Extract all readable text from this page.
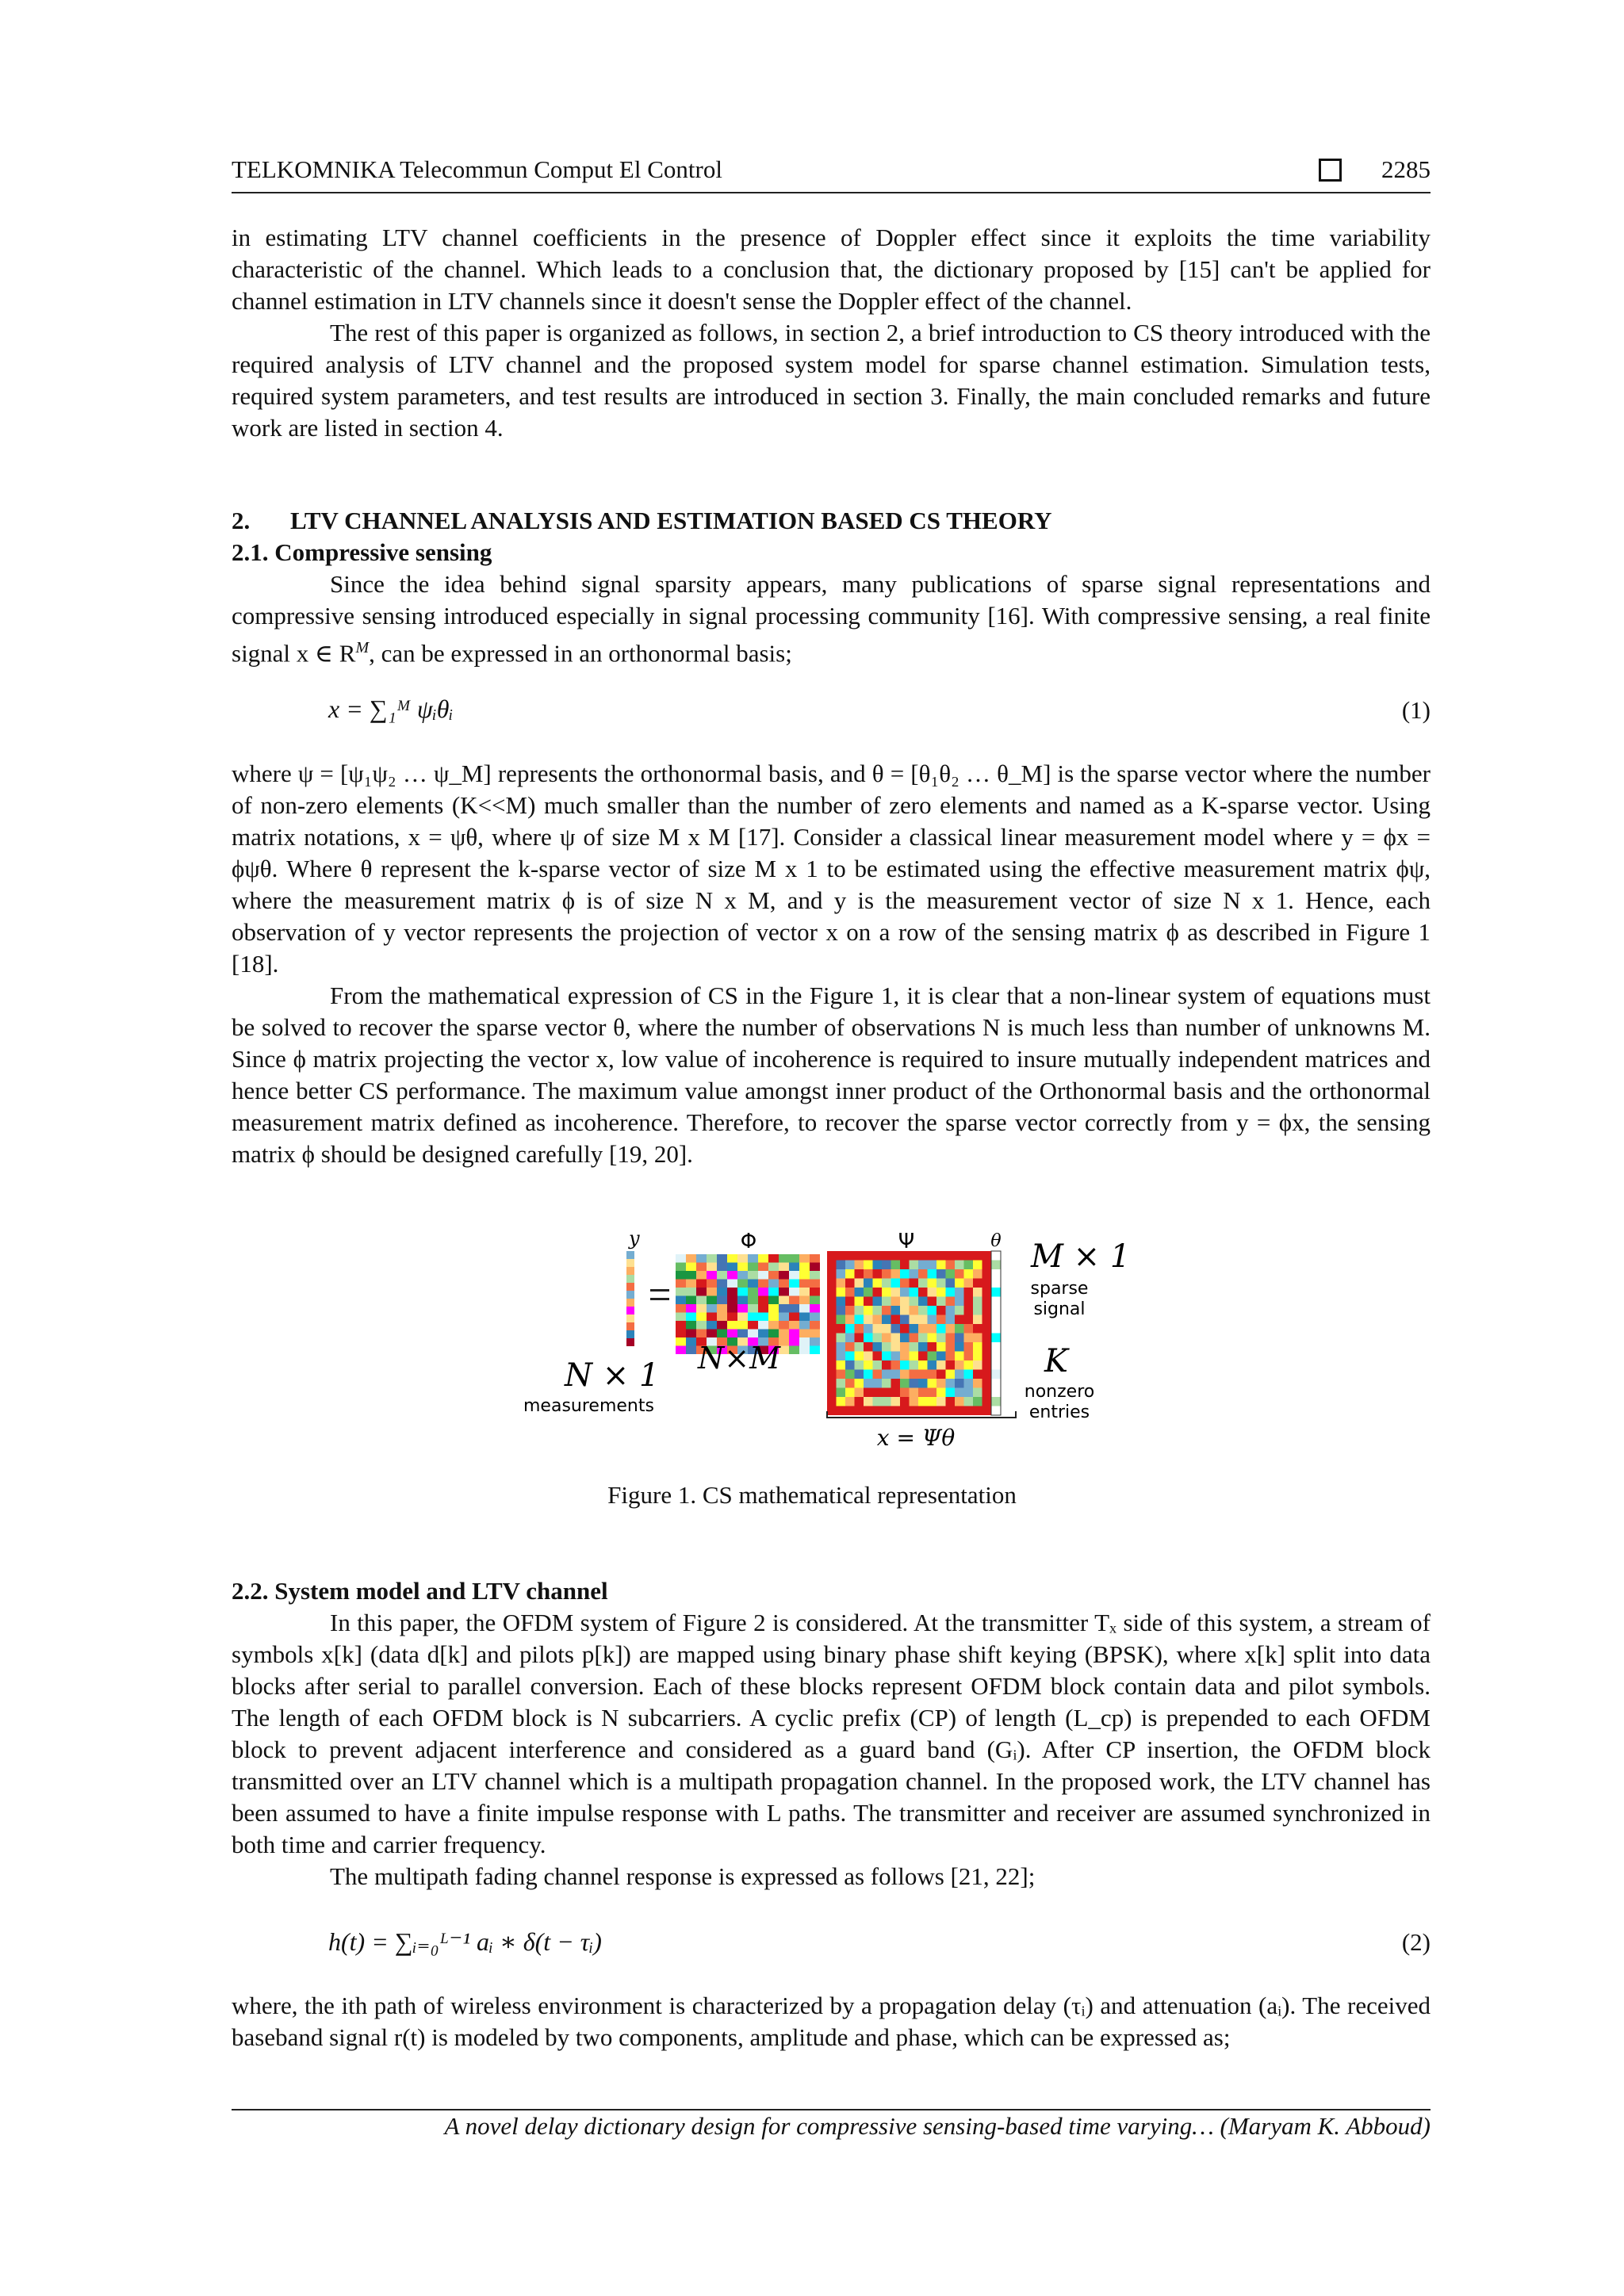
TELKOMNIKA Telecommun Comput El Control	2285
in estimating LTV channel coefficients in the presence of Doppler effect since it exploits the time variability characteristic of the channel. Which leads to a conclusion that, the dictionary proposed by [15] can't be applied for channel estimation in LTV channels since it doesn't sense the Doppler effect of the channel.
The rest of this paper is organized as follows, in section 2, a brief introduction to CS theory introduced with the required analysis of LTV channel and the proposed system model for sparse channel estimation. Simulation tests, required system parameters, and test results are introduced in section 3. Finally, the main concluded remarks and future work are listed in section 4.
2. LTV CHANNEL ANALYSIS AND ESTIMATION BASED CS THEORY
2.1. Compressive sensing
Since the idea behind signal sparsity appears, many publications of sparse signal representations and compressive sensing introduced especially in signal processing community [16]. With compressive sensing, a real finite signal x ∈ $R^M$, can be expressed in an orthonormal basis;
x = ∑₁ᴹ ψᵢθᵢ	(1)
where ψ = [ψ₁ψ₂ … ψ_M] represents the orthonormal basis, and θ = [θ₁θ₂ … θ_M] is the sparse vector where the number of non-zero elements (K<<M) much smaller than the number of zero elements and named as a K-sparse vector. Using matrix notations, x = ψθ, where ψ of size M x M [17]. Consider a classical linear measurement model where y = ϕx = ϕψθ. Where θ represent the k-sparse vector of size M x 1 to be estimated using the effective measurement matrix ϕψ, where the measurement matrix ϕ is of size N x M, and y is the measurement vector of size N x 1. Hence, each observation of y vector represents the projection of vector x on a row of the sensing matrix ϕ as described in Figure 1 [18].
From the mathematical expression of CS in the Figure 1, it is clear that a non-linear system of equations must be solved to recover the sparse vector θ, where the number of observations N is much less than number of unknowns M. Since ϕ matrix projecting the vector x, low value of incoherence is required to insure mutually independent matrices and hence better CS performance. The maximum value amongst inner product of the Orthonormal basis and the orthonormal measurement matrix defined as incoherence. Therefore, to recover the sparse vector correctly from y = ϕx, the sensing matrix ϕ should be designed carefully [19, 20].
y	Φ	Ψ	θ
N × 1
measurements
N×M
M × 1
sparse
signal
K
nonzero
entries
x = Ψθ
Figure 1. CS mathematical representation
2.2. System model and LTV channel
In this paper, the OFDM system of Figure 2 is considered. At the transmitter Tₓ side of this system, a stream of symbols x[k] (data d[k] and pilots p[k]) are mapped using binary phase shift keying (BPSK), where x[k] split into data blocks after serial to parallel conversion. Each of these blocks represent OFDM block contain data and pilot symbols. The length of each OFDM block is N subcarriers. A cyclic prefix (CP) of length (L_cp) is prepended to each OFDM block to prevent adjacent interference and considered as a guard band (Gᵢ). After CP insertion, the OFDM block transmitted over an LTV channel which is a multipath propagation channel. In the proposed work, the LTV channel has been assumed to have a finite impulse response with L paths. The transmitter and receiver are assumed synchronized in both time and carrier frequency.
The multipath fading channel response is expressed as follows [21, 22];
h(t) = ∑ᵢ₌₀ᴸ⁻¹ aᵢ ∗ δ(t − τᵢ)	(2)
where, the ith path of wireless environment is characterized by a propagation delay (τᵢ) and attenuation (aᵢ). The received baseband signal r(t) is modeled by two components, amplitude and phase, which can be expressed as;
A novel delay dictionary design for compressive sensing-based time varying… (Maryam K. Abboud)
